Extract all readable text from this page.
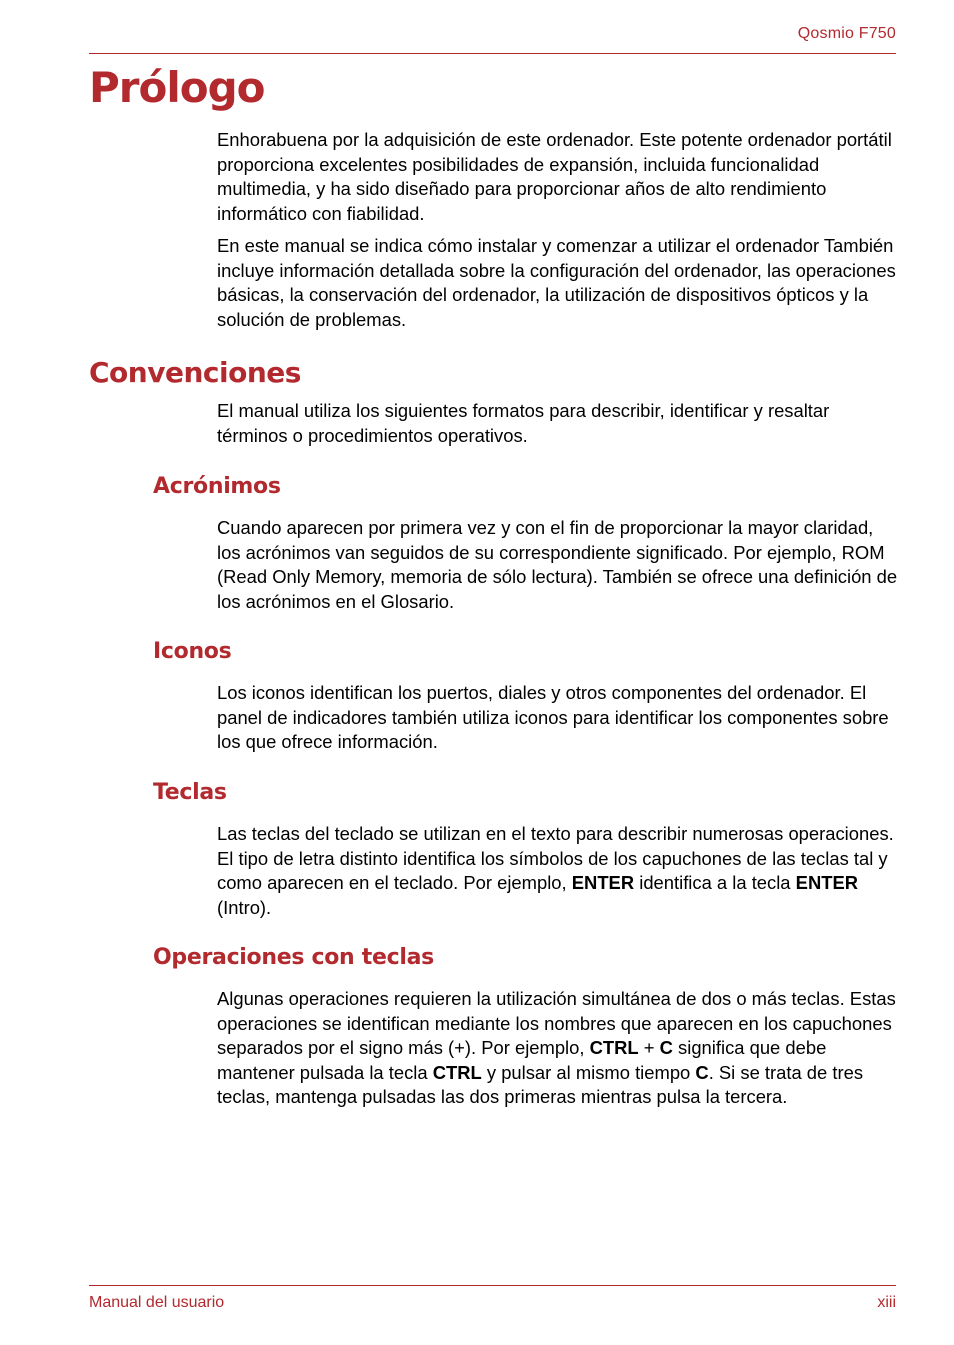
Qosmio F750
Prólogo

Enhorabuena por la adquisición de este ordenador. Este potente ordenador portátil proporciona excelentes posibilidades de expansión, incluida funcionalidad multimedia, y ha sido diseñado para proporcionar años de alto rendimiento informático con fiabilidad.

En este manual se indica cómo instalar y comenzar a utilizar el ordenador También incluye información detallada sobre la configuración del ordenador, las operaciones básicas, la conservación del ordenador, la utilización de dispositivos ópticos y la solución de problemas.

Convenciones

El manual utiliza los siguientes formatos para describir, identificar y resaltar términos o procedimientos operativos.

Acrónimos

Cuando aparecen por primera vez y con el fin de proporcionar la mayor claridad, los acrónimos van seguidos de su correspondiente significado. Por ejemplo, ROM (Read Only Memory, memoria de sólo lectura). También se ofrece una definición de los acrónimos en el Glosario.

Iconos

Los iconos identifican los puertos, diales y otros componentes del ordenador. El panel de indicadores también utiliza iconos para identificar los componentes sobre los que ofrece información.

Teclas

Las teclas del teclado se utilizan en el texto para describir numerosas operaciones. El tipo de letra distinto identifica los símbolos de los capuchones de las teclas tal y como aparecen en el teclado. Por ejemplo, ENTER identifica a la tecla ENTER (Intro).

Operaciones con teclas

Algunas operaciones requieren la utilización simultánea de dos o más teclas. Estas operaciones se identifican mediante los nombres que aparecen en los capuchones separados por el signo más (+). Por ejemplo, CTRL + C significa que debe mantener pulsada la tecla CTRL y pulsar al mismo tiempo C. Si se trata de tres teclas, mantenga pulsadas las dos primeras mientras pulsa la tercera.

Manual del usuario	xiii
